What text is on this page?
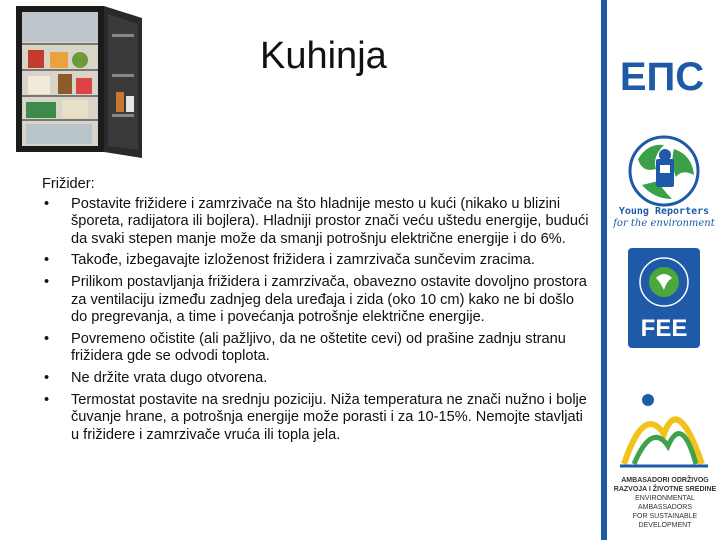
Kuhinja
Frižider:
• Postavite frižidere i zamrzivače na što hladnije mesto u kući (nikako u blizini šporeta, radijatora ili bojlera). Hladniji prostor znači veću uštedu energije, budući da svaki stepen manje može da smanji potrošnju električne energije i do 6%.
• Takođe, izbegavajte izloženost frižidera i zamrzivača sunčevim zracima.
• Prilikom postavljanja frižidera i zamrzivača, obavezno ostavite dovoljno prostora za ventilaciju između zadnjeg dela uređaja i zida (oko 10 cm) kako ne bi došlo do pregrevanja, a time i povećanja potrošnje električne energije.
• Povremeno očistite (ali pažljivo, da ne oštetite cevi) od prašine zadnju stranu frižidera gde se odvodi toplota.
• Ne držite vrata dugo otvorena.
• Termostat postavite na srednju poziciju. Niža temperatura ne znači nužno i bolje čuvanje hrane, a potrošnja energije može porasti i za 10-15%. Nemojte stavljati u frižidere i zamrzivače vruća ili topla jela.
ЕПС
Young Reporters
for the environment
FEE
AMBASADORI ODRŽIVOG
RAZVOJA I ŽIVOTNE SREDINE
ENVIRONMENTAL AMBASSADORS
FOR SUSTAINABLE DEVELOPMENT
